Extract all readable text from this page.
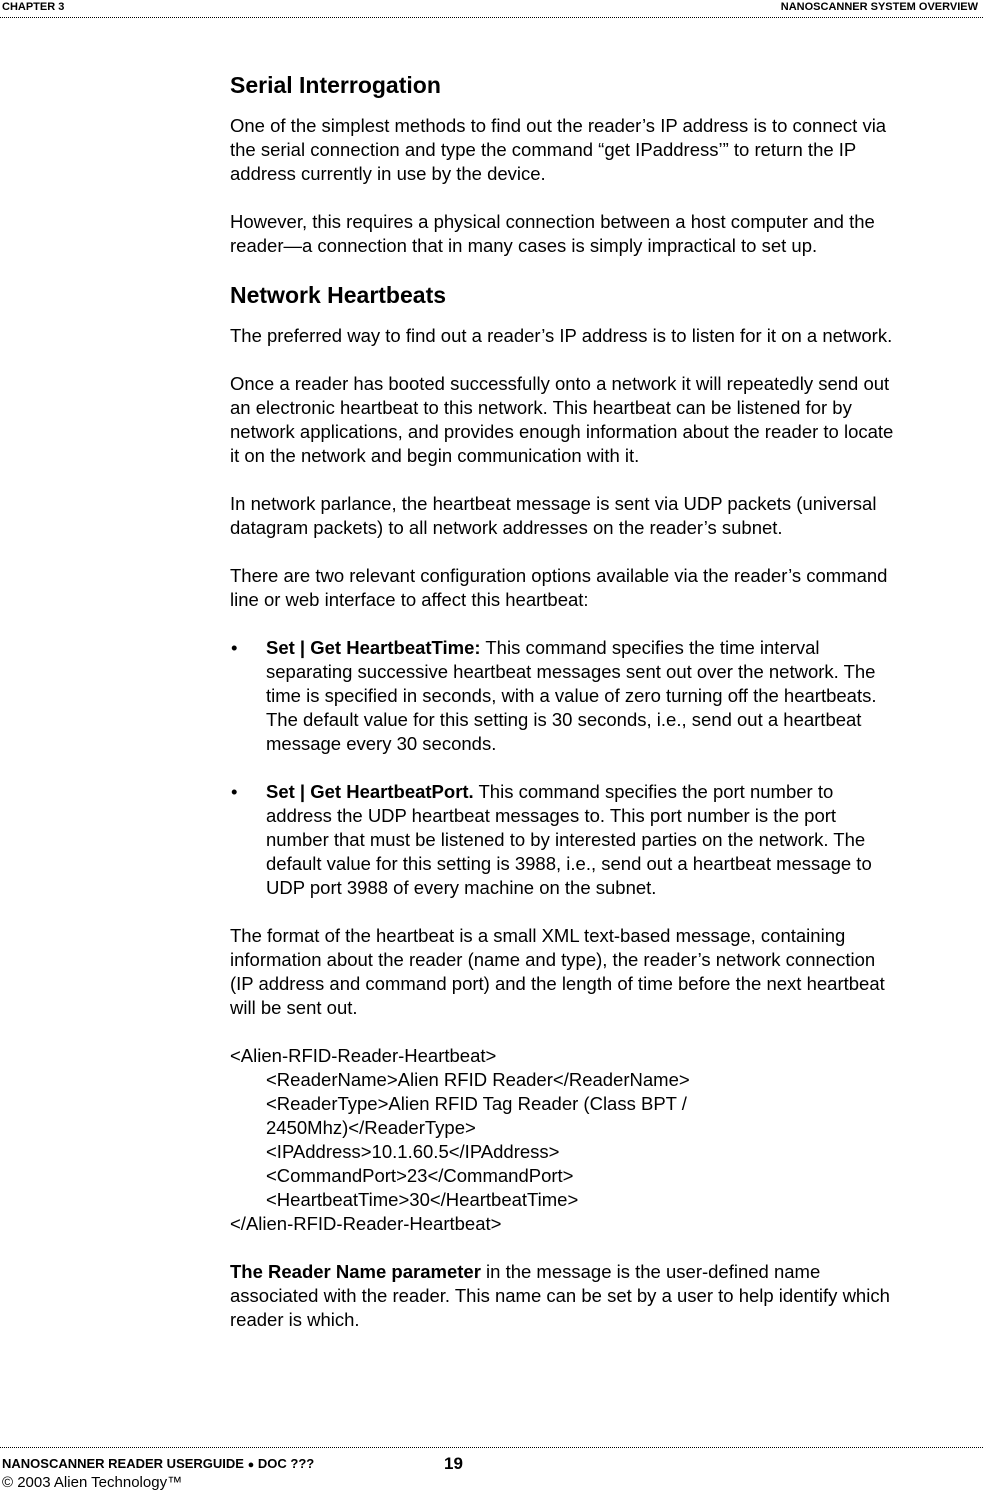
CHAPTER 3	NANOSCANNER SYSTEM OVERVIEW
Serial Interrogation

One of the simplest methods to find out the reader’s IP address is to connect via
the serial connection and type the command “get IPaddress’” to return the IP
address currently in use by the device.

However, this requires a physical connection between a host computer and the
reader—a connection that in many cases is simply impractical to set up.

Network Heartbeats

The preferred way to find out a reader’s IP address is to listen for it on a network.

Once a reader has booted successfully onto a network it will repeatedly send out
an electronic heartbeat to this network. This heartbeat can be listened for by
network applications, and provides enough information about the reader to locate
it on the network and begin communication with it.

In network parlance, the heartbeat message is sent via UDP packets (universal
datagram packets) to all network addresses on the reader’s subnet.

There are two relevant configuration options available via the reader’s command
line or web interface to affect this heartbeat:

• Set | Get HeartbeatTime: This command specifies the time interval
separating successive heartbeat messages sent out over the network. The
time is specified in seconds, with a value of zero turning off the heartbeats.
The default value for this setting is 30 seconds, i.e., send out a heartbeat
message every 30 seconds.

• Set | Get HeartbeatPort. This command specifies the port number to
address the UDP heartbeat messages to. This port number is the port
number that must be listened to by interested parties on the network. The
default value for this setting is 3988, i.e., send out a heartbeat message to
UDP port 3988 of every machine on the subnet.

The format of the heartbeat is a small XML text-based message, containing
information about the reader (name and type), the reader’s network connection
(IP address and command port) and the length of time before the next heartbeat
will be sent out.

<Alien-RFID-Reader-Heartbeat>
<ReaderName>Alien RFID Reader</ReaderName>
<ReaderType>Alien RFID Tag Reader (Class BPT /
2450Mhz)</ReaderType>
<IPAddress>10.1.60.5</IPAddress>
<CommandPort>23</CommandPort>
<HeartbeatTime>30</HeartbeatTime>
</Alien-RFID-Reader-Heartbeat>

The Reader Name parameter in the message is the user-defined name
associated with the reader. This name can be set by a user to help identify which
reader is which.

NANOSCANNER READER USERGUIDE ● DOC ???	19
© 2003 Alien Technology™
